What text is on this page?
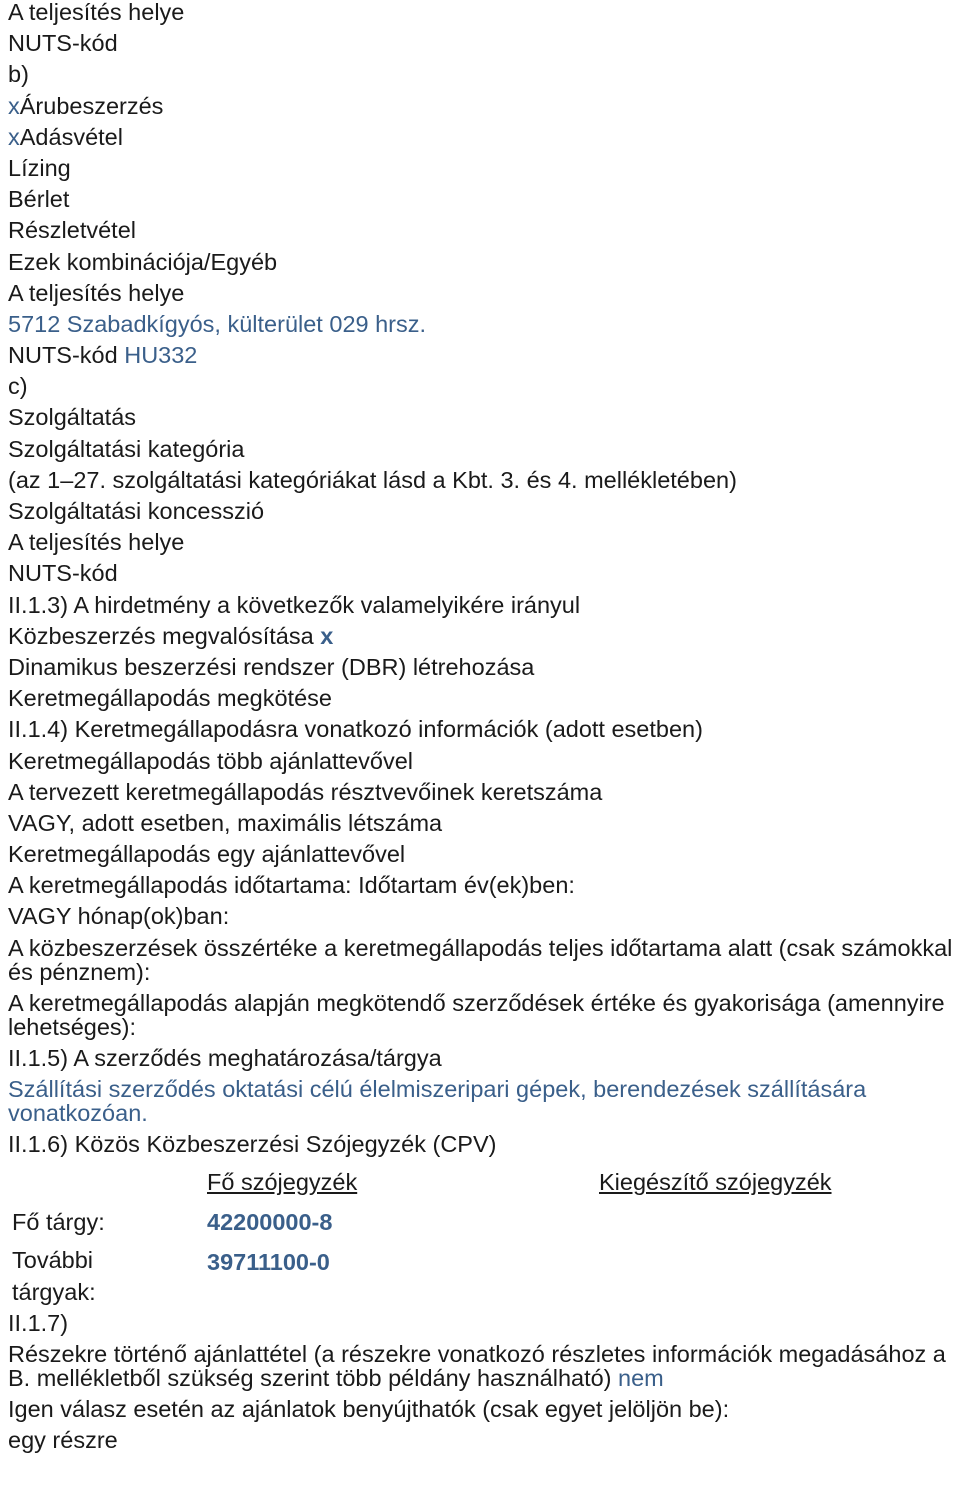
A teljesítés helye
NUTS-kód
b)
xÁrubeszerzés
xAdásvétel
Lízing
Bérlet
Részletvétel
Ezek kombinációja/Egyéb
A teljesítés helye
5712 Szabadkígyós, külterület 029 hrsz.
NUTS-kód HU332
c)
Szolgáltatás
Szolgáltatási kategória
(az 1–27. szolgáltatási kategóriákat lásd a Kbt. 3. és 4. mellékletében)
Szolgáltatási koncesszió
A teljesítés helye
NUTS-kód
II.1.3) A hirdetmény a következők valamelyikére irányul
Közbeszerzés megvalósítása x
Dinamikus beszerzési rendszer (DBR) létrehozása
Keretmegállapodás megkötése
II.1.4) Keretmegállapodásra vonatkozó információk (adott esetben)
Keretmegállapodás több ajánlattevővel
A tervezett keretmegállapodás résztvevőinek keretszáma
VAGY, adott esetben, maximális létszáma
Keretmegállapodás egy ajánlattevővel
A keretmegállapodás időtartama: Időtartam év(ek)ben:
VAGY hónap(ok)ban:
A közbeszerzések összértéke a keretmegállapodás teljes időtartama alatt (csak számokkal és pénznem):
A keretmegállapodás alapján megkötendő szerződések értéke és gyakorisága (amennyire lehetséges):
II.1.5) A szerződés meghatározása/tárgya
Szállítási szerződés oktatási célú élelmiszeripari gépek, berendezések szállítására vonatkozóan.
II.1.6) Közös Közbeszerzési Szójegyzék (CPV)
Fő szójegyzék	Kiegészítő szójegyzék
Fő tárgy:	42200000-8
További
tárgyak:
39711100-0
II.1.7)
Részekre történő ajánlattétel (a részekre vonatkozó részletes információk megadásához a B. mellékletből szükség szerint több példány használható) nem
Igen válasz esetén az ajánlatok benyújthatók (csak egyet jelöljön be):
egy részre
